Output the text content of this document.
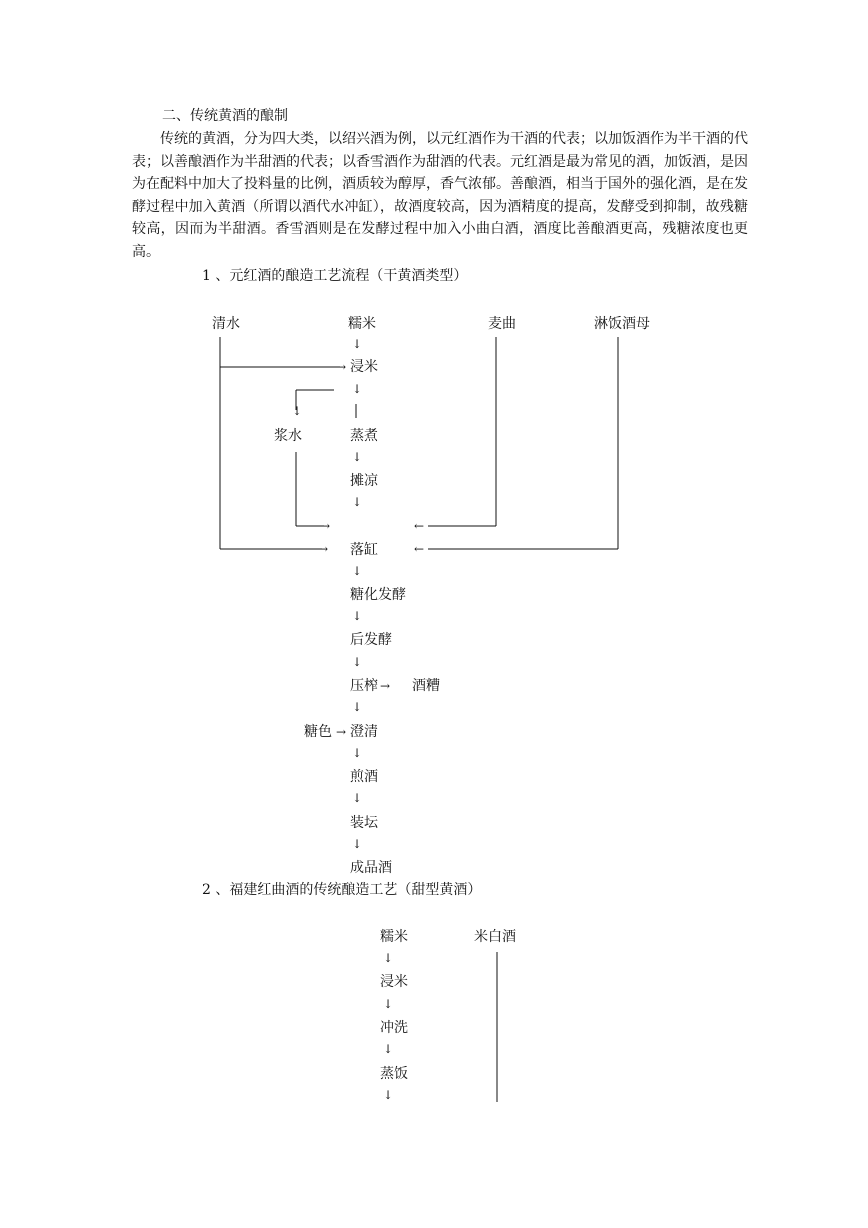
二、传统黄酒的酿制
传统的黄酒，分为四大类，以绍兴酒为例，以元红酒作为干酒的代表；以加饭酒作为半干酒的代表；以善酿酒作为半甜酒的代表；以香雪酒作为甜酒的代表。元红酒是最为常见的酒，加饭酒，是因为在配料中加大了投料量的比例，酒质较为醇厚，香气浓郁。善酿酒，相当于国外的强化酒，是在发酵过程中加入黄酒（所谓以酒代水冲缸），故酒度较高，因为酒精度的提高，发酵受到抑制，故残糖较高，因而为半甜酒。香雪酒则是在发酵过程中加入小曲白酒，酒度比善酿酒更高，残糖浓度也更高。
1 、元红酒的酿造工艺流程（干黄酒类型）
清水	糯米	麦曲	淋饭酒母
浸米
蒸煮
摊凉
落缸
糖化发酵
后发酵
压榨
澄清
煎酒
装坛
成品酒
浆水
酒糟
糖色
↓
↓
↓
↓
↓
↓
↓
↓
↓
↓
↓
↓
→
→
→
←
←
→
→
2 、福建红曲酒的传统酿造工艺（甜型黄酒）
糯米	米白酒
浸米
冲洗
蒸饭
↓
↓
↓
↓
